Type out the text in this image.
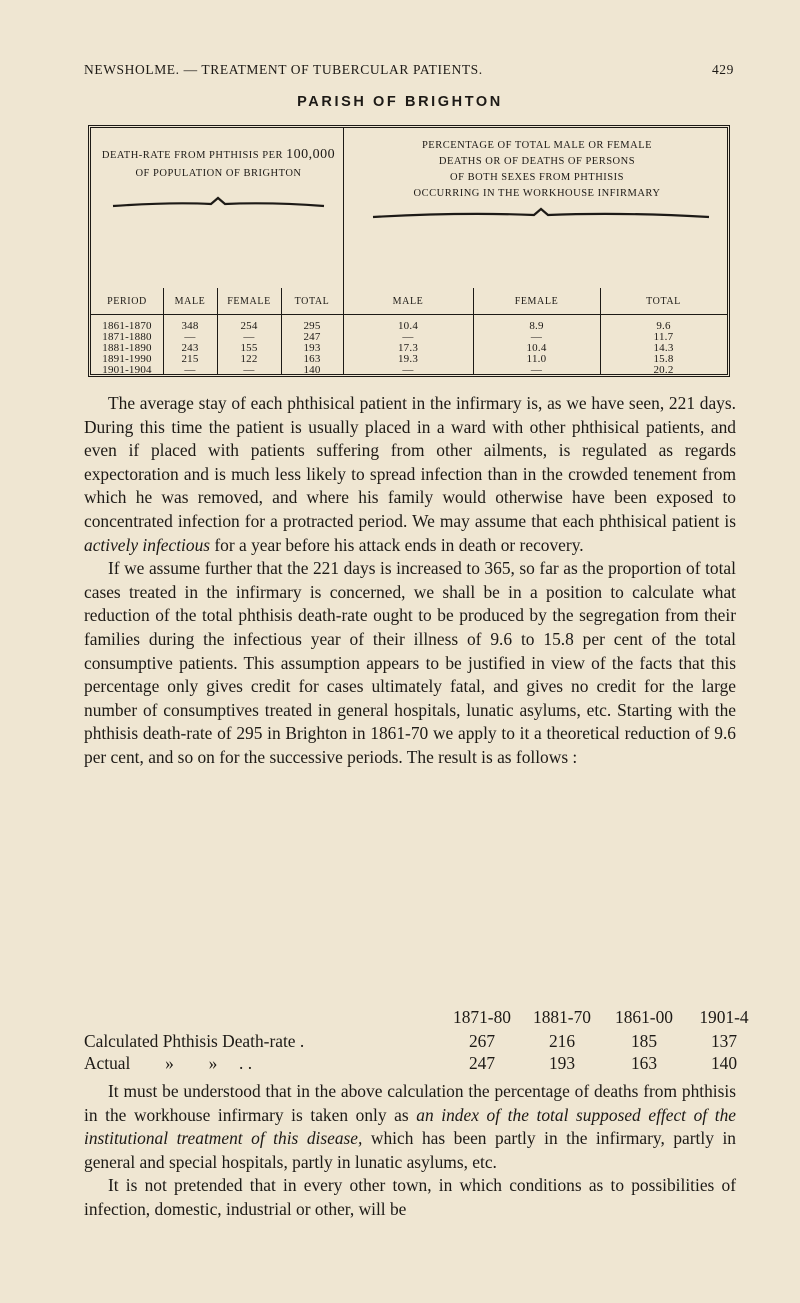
NEWSHOLME. — TREATMENT OF TUBERCULAR PATIENTS.	429
PARISH OF BRIGHTON
DEATH-RATE FROM PHTHISIS PER 100,000
OF POPULATION OF BRIGHTON
PERCENTAGE OF TOTAL MALE OR FEMALE
DEATHS OR OF DEATHS OF PERSONS
OF BOTH SEXES FROM PHTHISIS
OCCURRING IN THE WORKHOUSE INFIRMARY
PERIOD	MALE	FEMALE	TOTAL	MALE	FEMALE	TOTAL
1861-1870	348	254	295	10.4	8.9	9.6
1871-1880	—	—	247	—	—	11.7
1881-1890	243	155	193	17.3	10.4	14.3
1891-1990	215	122	163	19.3	11.0	15.8
1901-1904	—	—	140	—	—	20.2

The average stay of each phthisical patient in the infirmary is, as we have seen, 221 days. During this time the patient is usually placed in a ward with other phthisical patients, and even if placed with patients suffering from other ailments, is regulated as regards expectoration and is much less likely to spread infection than in the crowded tenement from which he was removed, and where his family would otherwise have been exposed to concentrated infection for a protracted period. We may assume that each phthisical patient is actively infectious for a year before his attack ends in death or recovery.

If we assume further that the 221 days is increased to 365, so far as the proportion of total cases treated in the infirmary is concerned, we shall be in a position to calculate what reduction of the total phthisis death-rate ought to be produced by the segregation from their families during the infectious year of their illness of 9.6 to 15.8 per cent of the total consumptive patients. This assumption appears to be justified in view of the facts that this percentage only gives credit for cases ultimately fatal, and gives no credit for the large number of consumptives treated in general hospitals, lunatic asylums, etc. Starting with the phthisis death-rate of 295 in Brighton in 1861-70 we apply to it a theoretical reduction of 9.6 per cent, and so on for the successive periods. The result is as follows :

1871-80	1881-70	1861-00	1901-4
Calculated Phthisis Death-rate .	267	216	185	137
Actual        »        »     . .	247	193	163	140

It must be understood that in the above calculation the percentage of deaths from phthisis in the workhouse infirmary is taken only as an index of the total supposed effect of the institutional treatment of this disease, which has been partly in the infirmary, partly in general and special hospitals, partly in lunatic asylums, etc.

It is not pretended that in every other town, in which conditions as to possibilities of infection, domestic, industrial or other, will be
